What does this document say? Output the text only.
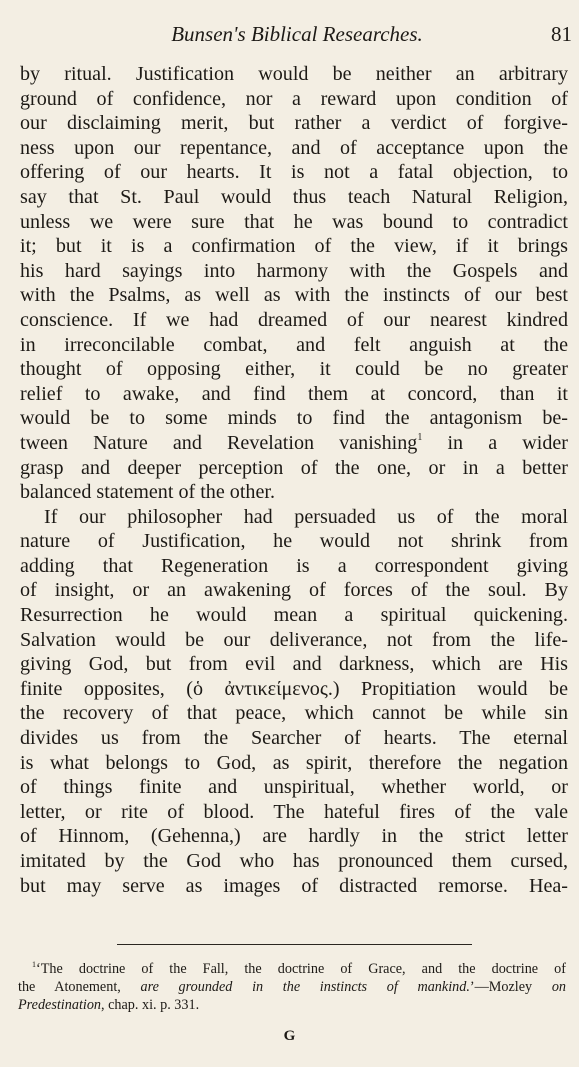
Bunsen's Biblical Researches.	81
by ritual. Justification would be neither an arbitrary
ground of confidence, nor a reward upon condition of
our disclaiming merit, but rather a verdict of forgive-
ness upon our repentance, and of acceptance upon the
offering of our hearts. It is not a fatal objection, to
say that St. Paul would thus teach Natural Religion,
unless we were sure that he was bound to contradict
it; but it is a confirmation of the view, if it brings
his hard sayings into harmony with the Gospels and
with the Psalms, as well as with the instincts of our best
conscience. If we had dreamed of our nearest kindred
in irreconcilable combat, and felt anguish at the
thought of opposing either, it could be no greater
relief to awake, and find them at concord, than it
would be to some minds to find the antagonism be-
tween Nature and Revelation vanishing$^1$ in a wider
grasp and deeper perception of the one, or in a better
balanced statement of the other.
If our philosopher had persuaded us of the moral
nature of Justification, he would not shrink from
adding that Regeneration is a correspondent giving
of insight, or an awakening of forces of the soul. By
Resurrection he would mean a spiritual quickening.
Salvation would be our deliverance, not from the life-
giving God, but from evil and darkness, which are His
finite opposites, (ὁ ἀντικείμενος.) Propitiation would be
the recovery of that peace, which cannot be while sin
divides us from the Searcher of hearts. The eternal
is what belongs to God, as spirit, therefore the negation
of things finite and unspiritual, whether world, or
letter, or rite of blood. The hateful fires of the vale
of Hinnom, (Gehenna,) are hardly in the strict letter
imitated by the God who has pronounced them cursed,
but may serve as images of distracted remorse. Hea-
$^1$‘The doctrine of the Fall, the doctrine of Grace, and the doctrine of
the Atonement, are grounded in the instincts of mankind.’—Mozley on
Predestination, chap. xi. p. 331.
G
